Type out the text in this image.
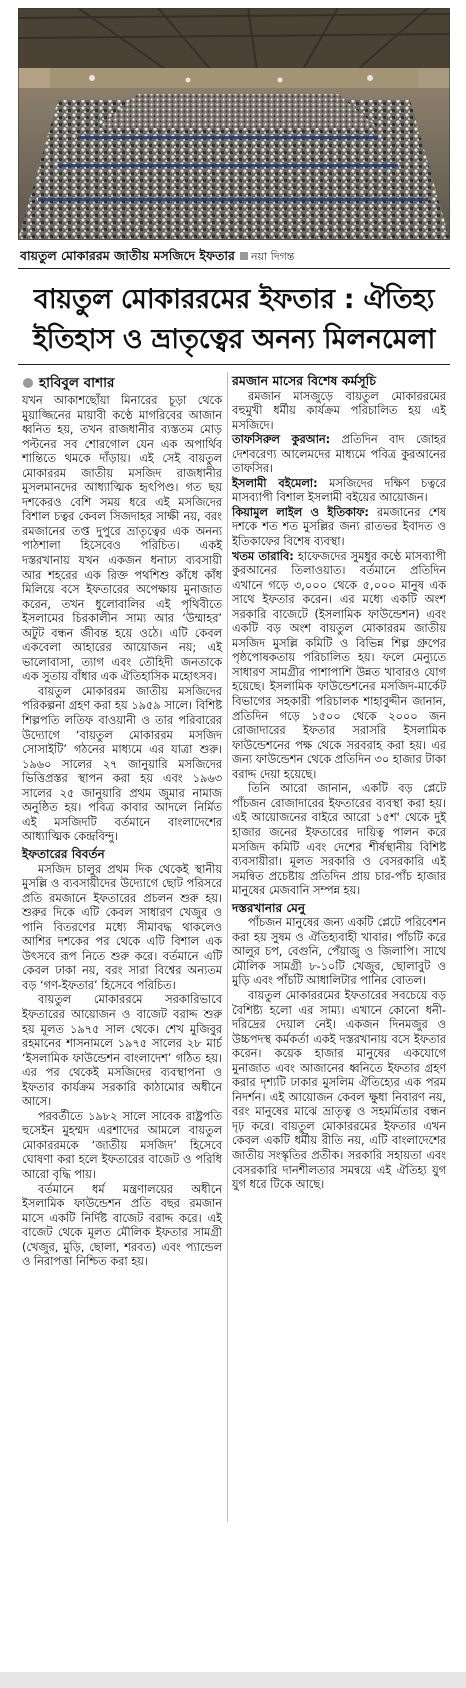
বায়তুল মোকাররম জাতীয় মসজিদে ইফতার নয়া দিগন্ত
বায়তুল মোকাররমের ইফতার : ঐতিহ্য
ইতিহাস ও ভ্রাতৃত্বের অনন্য মিলনমেলা
হাবিবুল বাশার

যখন আকাশছোঁয়া মিনারের চূড়া থেকে মুয়াজ্জিনের মায়াবী কণ্ঠে মাগরিবের আজান ধ্বনিত হয়, তখন রাজধানীর ব্যস্ততম মোড় পল্টনের সব শোরগোল যেন এক অপার্থিব শান্তিতে থমকে দাঁড়ায়। এই সেই বায়তুল মোকাররম জাতীয় মসজিদ রাজধানীর মুসলমানদের আধ্যাত্মিক হৃৎপিণ্ড। গত ছয় দশকেরও বেশি সময় ধরে এই মসজিদের বিশাল চত্বর কেবল সিজদাহর সাক্ষী নয়, বরং রমজানের তপ্ত দুপুরে ভ্রাতৃত্বের এক অনন্য পাঠশালা হিসেবেও পরিচিত। একই দস্তরখানায় যখন একজন ধনাঢ্য ব্যবসায়ী আর শহরের এক রিক্ত পথশিশু কাঁধে কাঁধ মিলিয়ে বসে ইফতারের অপেক্ষায় মুনাজাত করেন, তখন ধুলোবালির এই পৃথিবীতে ইসলামের চিরকালীন সাম্য আর ‘উম্মাহর’ অটুট বন্ধন জীবন্ত হয়ে ওঠে। এটি কেবল একবেলা আহারের আয়োজন নয়; এই ভালোবাসা, ত্যাগ এবং তৌহিদী জনতাকে এক সুতায় বাঁধার এক ঐতিহাসিক মহোৎসব।

বায়তুল মোকাররম জাতীয় মসজিদের পরিকল্পনা গ্রহণ করা হয় ১৯৫৯ সালে। বিশিষ্ট শিল্পপতি লতিফ বাওয়ানী ও তার পরিবারের উদ্যোগে ‘বায়তুল মোকাররম মসজিদ সোসাইটি’ গঠনের মাধ্যমে এর যাত্রা শুরু। ১৯৬০ সালের ২৭ জানুয়ারি মসজিদের ভিত্তিপ্রস্তর স্থাপন করা হয় এবং ১৯৬৩ সালের ২৫ জানুয়ারি প্রথম জুমার নামাজ অনুষ্ঠিত হয়। পবিত্র কাবার আদলে নির্মিত এই মসজিদটি বর্তমানে বাংলাদেশের আধ্যাত্মিক কেন্দ্রবিন্দু।

ইফতারের বিবর্তন

মসজিদ চালুর প্রথম দিক থেকেই স্থানীয় মুসল্লি ও ব্যবসায়ীদের উদ্যোগে ছোট পরিসরে প্রতি রমজানে ইফতারের প্রচলন শুরু হয়। শুরুর দিকে এটি কেবল সাধারণ খেজুর ও পানি বিতরণের মধ্যে সীমাবদ্ধ থাকলেও আশির দশকের পর থেকে এটি বিশাল এক উৎসবে রূপ নিতে শুরু করে। বর্তমানে এটি কেবল ঢাকা নয়, বরং সারা বিশ্বের অন্যতম বড় ‘গণ-ইফতার’ হিসেবে পরিচিত।

বায়তুল মোকাররমে সরকারিভাবে ইফতারের আয়োজন ও বাজেট বরাদ্দ শুরু হয় মূলত ১৯৭৫ সাল থেকে। শেখ মুজিবুর রহমানের শাসনামলে ১৯৭৫ সালের ২৮ মার্চ ‘ইসলামিক ফাউন্ডেশন বাংলাদেশ’ গঠিত হয়। এর পর থেকেই মসজিদের ব্যবস্থাপনা ও ইফতার কার্যক্রম সরকারি কাঠামোর অধীনে আসে।

পরবর্তীতে ১৯৮২ সালে সাবেক রাষ্ট্রপতি হুসেইন মুহম্মদ এরশাদের আমলে বায়তুল মোকাররমকে ‘জাতীয় মসজিদ’ হিসেবে ঘোষণা করা হলে ইফতারের বাজেট ও পরিধি আরো বৃদ্ধি পায়।

বর্তমানে ধর্ম মন্ত্রণালয়ের অধীনে ইসলামিক ফাউন্ডেশন প্রতি বছর রমজান মাসে একটি নির্দিষ্ট বাজেট বরাদ্দ করে। এই বাজেট থেকে মূলত মৌলিক ইফতার সামগ্রী (খেজুর, মুড়ি, ছোলা, শরবত) এবং প্যান্ডেল ও নিরাপত্তা নিশ্চিত করা হয়।

রমজান মাসের বিশেষ কর্মসূচি

রমজান মাসজুড়ে বায়তুল মোকাররমের বহুমুখী ধর্মীয় কার্যক্রম পরিচালিত হয় এই মসজিদে।

তাফসিরুল কুরআন: প্রতিদিন বাদ জোহর দেশবরেণ্য আলেমদের মাধ্যমে পবিত্র কুরআনের তাফসির।

ইসলামী বইমেলা: মসজিদের দক্ষিণ চত্বরে মাসব্যাপী বিশাল ইসলামী বইয়ের আয়োজন।

কিয়ামুল লাইল ও ইতিকাফ: রমজানের শেষ দশকে শত শত মুসল্লির জন্য রাতভর ইবাদত ও ইতিকাফের বিশেষ ব্যবস্থা।

খতম তারাবি: হাফেজদের সুমধুর কণ্ঠে মাসব্যাপী কুরআনের তিলাওয়াত। বর্তমানে প্রতিদিন এখানে গড়ে ৩,০০০ থেকে ৫,০০০ মানুষ এক সাথে ইফতার করেন। এর মধ্যে একটি অংশ সরকারি বাজেটে (ইসলামিক ফাউন্ডেশন) এবং একটি বড় অংশ বায়তুল মোকাররম জাতীয় মসজিদ মুসল্লি কমিটি ও বিভিন্ন শিল্প গ্রুপের পৃষ্ঠপোষকতায় পরিচালিত হয়। ফলে মেন্যুতে সাধারণ সামগ্রীর পাশাপাশি উন্নত খাবারও যোগ হয়েছে। ইসলামিক ফাউন্ডেশনের মসজিদ-মার্কেট বিভাগের সহকারী পরিচালক শাহাবুদ্দীন জানান, প্রতিদিন গড়ে ১৫০০ থেকে ২০০০ জন রোজাদারের ইফতার সরাসরি ইসলামিক ফাউন্ডেশনের পক্ষ থেকে সরবরাহ করা হয়। এর জন্য ফাউন্ডেশন থেকে প্রতিদিন ৩০ হাজার টাকা বরাদ্দ দেয়া হয়েছে।

তিনি আরো জানান, একটি বড় প্লেটে পাঁচজন রোজাদারের ইফতারের ব্যবস্থা করা হয়। এই আয়োজনের বাইরে আরো ১৫শ' থেকে দুই হাজার জনের ইফতারের দায়িত্ব পালন করে মসজিদ কমিটি এবং দেশের শীর্ষস্থানীয় বিশিষ্ট ব্যবসায়ীরা। মূলত সরকারি ও বেসরকারি এই সমন্বিত প্রচেষ্টায় প্রতিদিন প্রায় চার-পাঁচ হাজার মানুষের মেজবানি সম্পন্ন হয়।

দস্তরখানার মেনু

পাঁচজন মানুষের জন্য একটি প্লেটে পরিবেশন করা হয় সুষম ও ঐতিহ্যবাহী খাবার। পাঁচটি করে আলুর চপ, বেগুনি, পেঁয়াজু ও জিলাপি। সাথে মৌলিক সামগ্রী ৮-১০টি খেজুর, ছোলাবুট ও মুড়ি এবং পাঁচটি আধালিটার পানির বোতল।

বায়তুল মোকাররমের ইফতারের সবচেয়ে বড় বৈশিষ্ট্য হলো এর সাম্য। এখানে কোনো ধনী-দরিদ্রের দেয়াল নেই। একজন দিনমজুর ও উচ্চপদস্থ কর্মকর্তা একই দস্তরখানায় বসে ইফতার করেন। কয়েক হাজার মানুষের একযোগে মুনাজাত এবং আজানের ধ্বনিতে ইফতার গ্রহণ করার দৃশ্যটি ঢাকার মুসলিম ঐতিহ্যের এক পরম নিদর্শন। এই আয়োজন কেবল ক্ষুধা নিবারণ নয়, বরং মানুষের মাঝে ভ্রাতৃত্ব ও সহমর্মিতার বন্ধন দৃঢ় করে। বায়তুল মোকাররমের ইফতার এখন কেবল একটি ধর্মীয় রীতি নয়, এটি বাংলাদেশের জাতীয় সংস্কৃতির প্রতীক। সরকারি সহায়তা এবং বেসরকারি দানশীলতার সমন্বয়ে এই ঐতিহ্য যুগ যুগ ধরে টিকে আছে।
